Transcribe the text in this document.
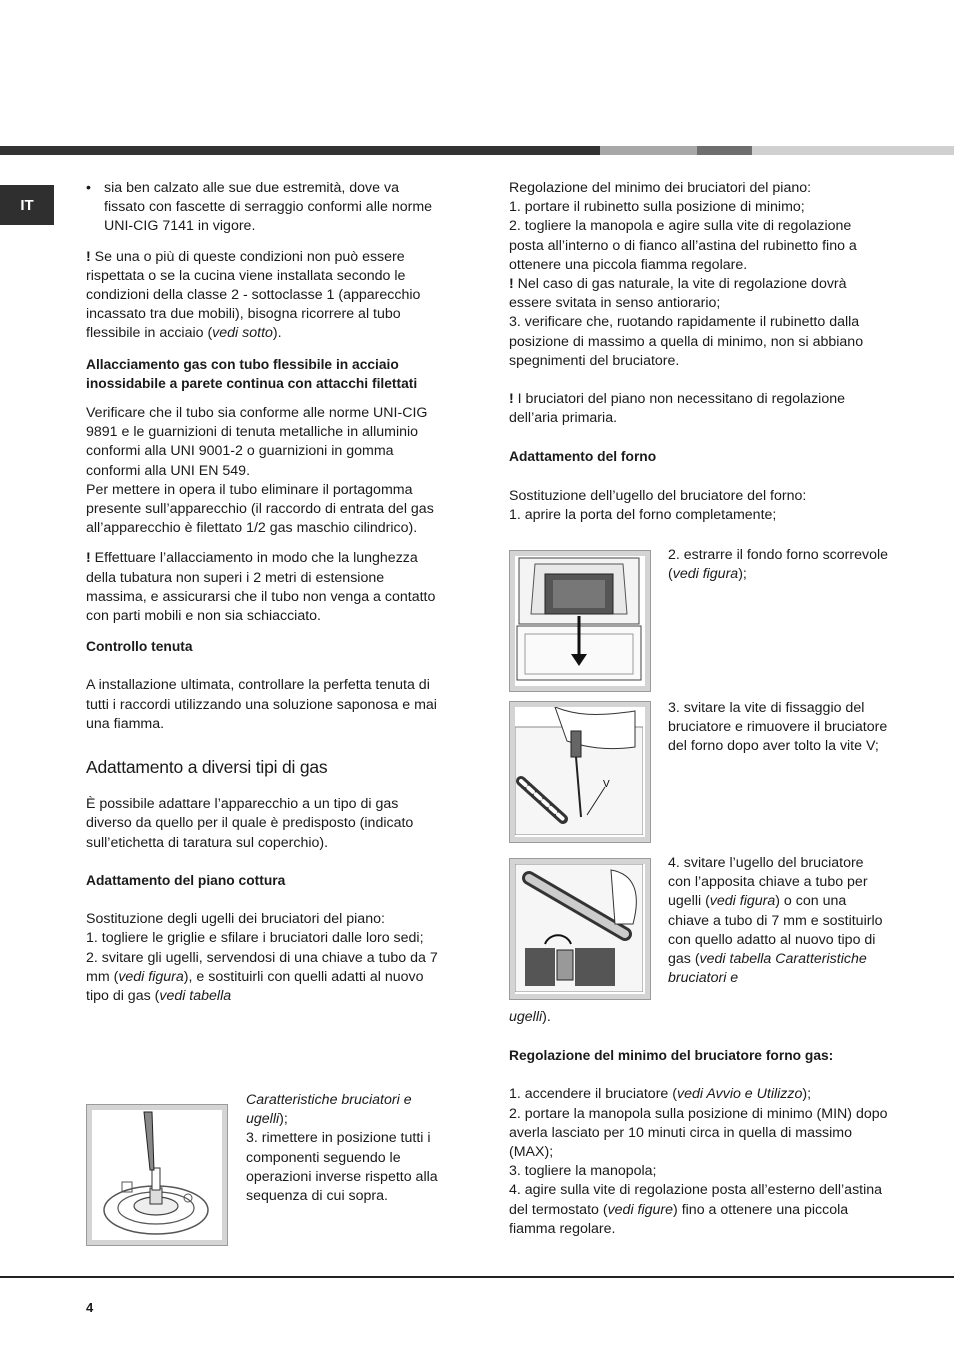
IT
• sia ben calzato alle sue due estremità, dove va fissato con fascette di serraggio conformi alle norme UNI-CIG 7141 in vigore.

! Se una o più di queste condizioni non può essere rispettata o se la cucina viene installata secondo le condizioni della classe 2 - sottoclasse 1 (apparecchio incassato tra due mobili), bisogna ricorrere al tubo flessibile in acciaio (vedi sotto).

Allacciamento gas con tubo flessibile in acciaio inossidabile a parete continua con attacchi filettati

Verificare che il tubo sia conforme alle norme UNI-CIG 9891 e le guarnizioni di tenuta metalliche in alluminio conformi alla UNI 9001-2 o guarnizioni in gomma conformi alla UNI EN 549.

Per mettere in opera il tubo eliminare il portagomma presente sull’apparecchio (il raccordo di entrata del gas all’apparecchio è filettato 1/2 gas maschio cilindrico).

! Effettuare l’allacciamento in modo che la lunghezza della tubatura non superi i 2 metri di estensione massima, e assicurarsi che il tubo non venga a contatto con parti mobili e non sia schiacciato.

Controllo tenuta

A installazione ultimata, controllare la perfetta tenuta di tutti i raccordi utilizzando una soluzione saponosa e mai una fiamma.

Adattamento a diversi tipi di gas

È possibile adattare l’apparecchio a un tipo di gas diverso da quello per il quale è predisposto (indicato sull’etichetta di taratura sul coperchio).

Adattamento del piano cottura

Sostituzione degli ugelli dei bruciatori del piano:

1. togliere le griglie e sfilare i bruciatori dalle loro sedi;

2. svitare gli ugelli, servendosi di una chiave a tubo da 7 mm (vedi figura), e sostituirli con quelli adatti al nuovo tipo di gas (vedi tabella

Caratteristiche bruciatori e ugelli);

3. rimettere in posizione tutti i componenti seguendo le operazioni inverse rispetto alla sequenza di cui sopra.

Regolazione del minimo dei bruciatori del piano:

1. portare il rubinetto sulla posizione di minimo;

2. togliere la manopola e agire sulla vite di regolazione posta all’interno o di fianco all’astina del rubinetto fino a ottenere una piccola fiamma regolare.

! Nel caso di gas naturale, la vite di regolazione dovrà essere svitata in senso antiorario;

3. verificare che, ruotando rapidamente il rubinetto dalla posizione di massimo a quella di minimo, non si abbiano spegnimenti del bruciatore.

! I bruciatori del piano non necessitano di regolazione dell’aria primaria.

Adattamento del forno

Sostituzione dell’ugello del bruciatore del forno:

1. aprire la porta del forno completamente;

2. estrarre il fondo forno scorrevole (vedi figura);

V

3. svitare la vite di fissaggio del bruciatore e rimuovere il bruciatore del forno dopo aver tolto la vite V;

4. svitare l’ugello del bruciatore con l’apposita chiave a tubo per ugelli (vedi figura) o con una chiave a tubo di 7 mm e sostituirlo con quello adatto al nuovo tipo di gas (vedi tabella Caratteristiche bruciatori e

ugelli).

Regolazione del minimo del bruciatore forno gas:

1. accendere il bruciatore (vedi Avvio e Utilizzo);

2. portare la manopola sulla posizione di minimo (MIN) dopo averla lasciato per 10 minuti circa in quella di massimo (MAX);

3. togliere la manopola;

4. agire sulla vite di regolazione posta all’esterno dell’astina del termostato (vedi figure) fino a ottenere una piccola fiamma regolare.

4
